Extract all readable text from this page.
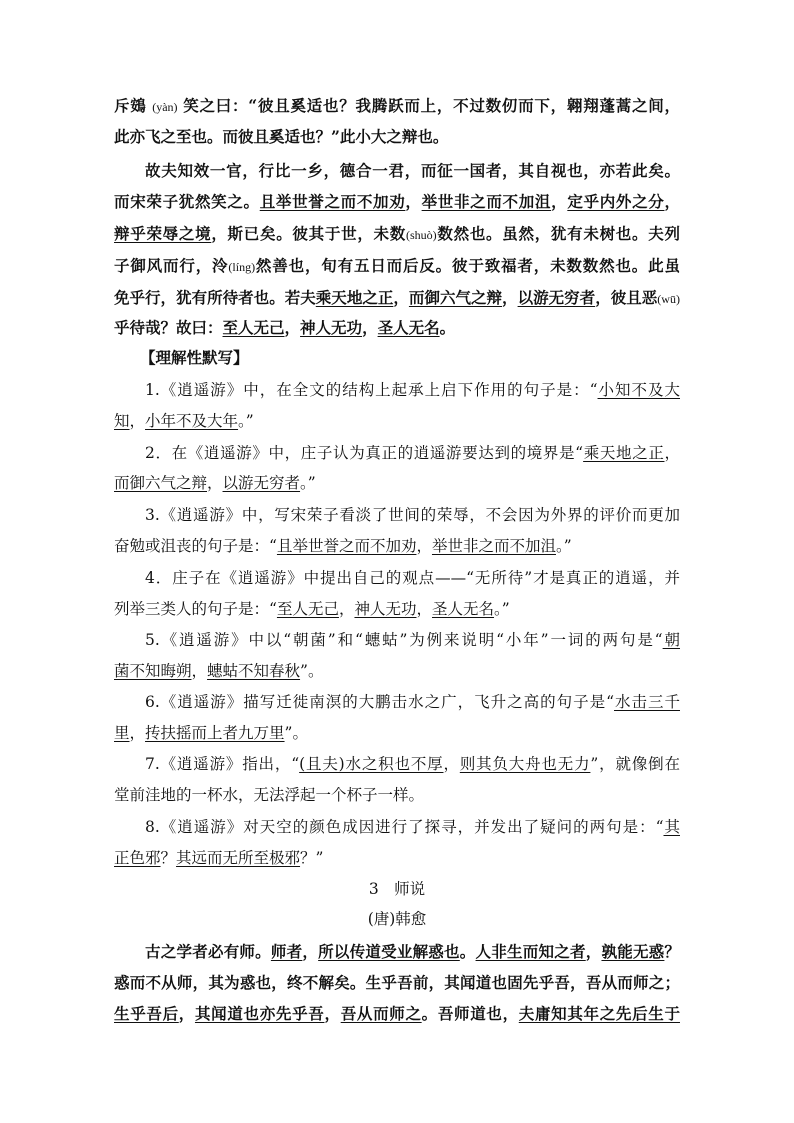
斥鴳 (yàn) 笑之曰：“彼且奚适也？我腾跃而上，不过数仞而下，翱翔蓬蒿之间，
此亦飞之至也。而彼且奚适也？”此小大之辩也。
故夫知效一官，行比一乡，德合一君，而征一国者，其自视也，亦若此矣。
而宋荣子犹然笑之。且举世誉之而不加劝，举世非之而不加沮，定乎内外之分，
辩乎荣辱之境，斯已矣。彼其于世，未数(shuò)数然也。虽然，犹有未树也。夫列
子御风而行，泠(líng)然善也，旬有五日而后反。彼于致福者，未数数然也。此虽
免乎行，犹有所待者也。若夫乘天地之正，而御六气之辩，以游无穷者，彼且恶(wū)
乎待哉？故曰：至人无己，神人无功，圣人无名。
【理解性默写】
1.《逍遥游》中，在全文的结构上起承上启下作用的句子是：“小知不及大
知，小年不及大年。”
2．在《逍遥游》中，庄子认为真正的逍遥游要达到的境界是“乘天地之正，
而御六气之辩，以游无穷者。”
3.《逍遥游》中，写宋荣子看淡了世间的荣辱，不会因为外界的评价而更加
奋勉或沮丧的句子是：“且举世誉之而不加劝，举世非之而不加沮。”
4．庄子在《逍遥游》中提出自己的观点——“无所待”才是真正的逍遥，并
列举三类人的句子是：“至人无己，神人无功，圣人无名。”
5.《逍遥游》中以“朝菌”和“蟪蛄”为例来说明“小年”一词的两句是“朝
菌不知晦朔，蟪蛄不知春秋”。
6.《逍遥游》描写迁徙南溟的大鹏击水之广，飞升之高的句子是“水击三千
里，抟扶摇而上者九万里”。
7.《逍遥游》指出，“(且夫)水之积也不厚，则其负大舟也无力”，就像倒在
堂前洼地的一杯水，无法浮起一个杯子一样。
8.《逍遥游》对天空的颜色成因进行了探寻，并发出了疑问的两句是：“其
正色邪？其远而无所至极邪？”
3　师说
(唐)韩愈
古之学者必有师。师者，所以传道受业解惑也。人非生而知之者，孰能无惑？
惑而不从师，其为惑也，终不解矣。生乎吾前，其闻道也固先乎吾，吾从而师之；
生乎吾后，其闻道也亦先乎吾，吾从而师之。吾师道也，夫庸知其年之先后生于
